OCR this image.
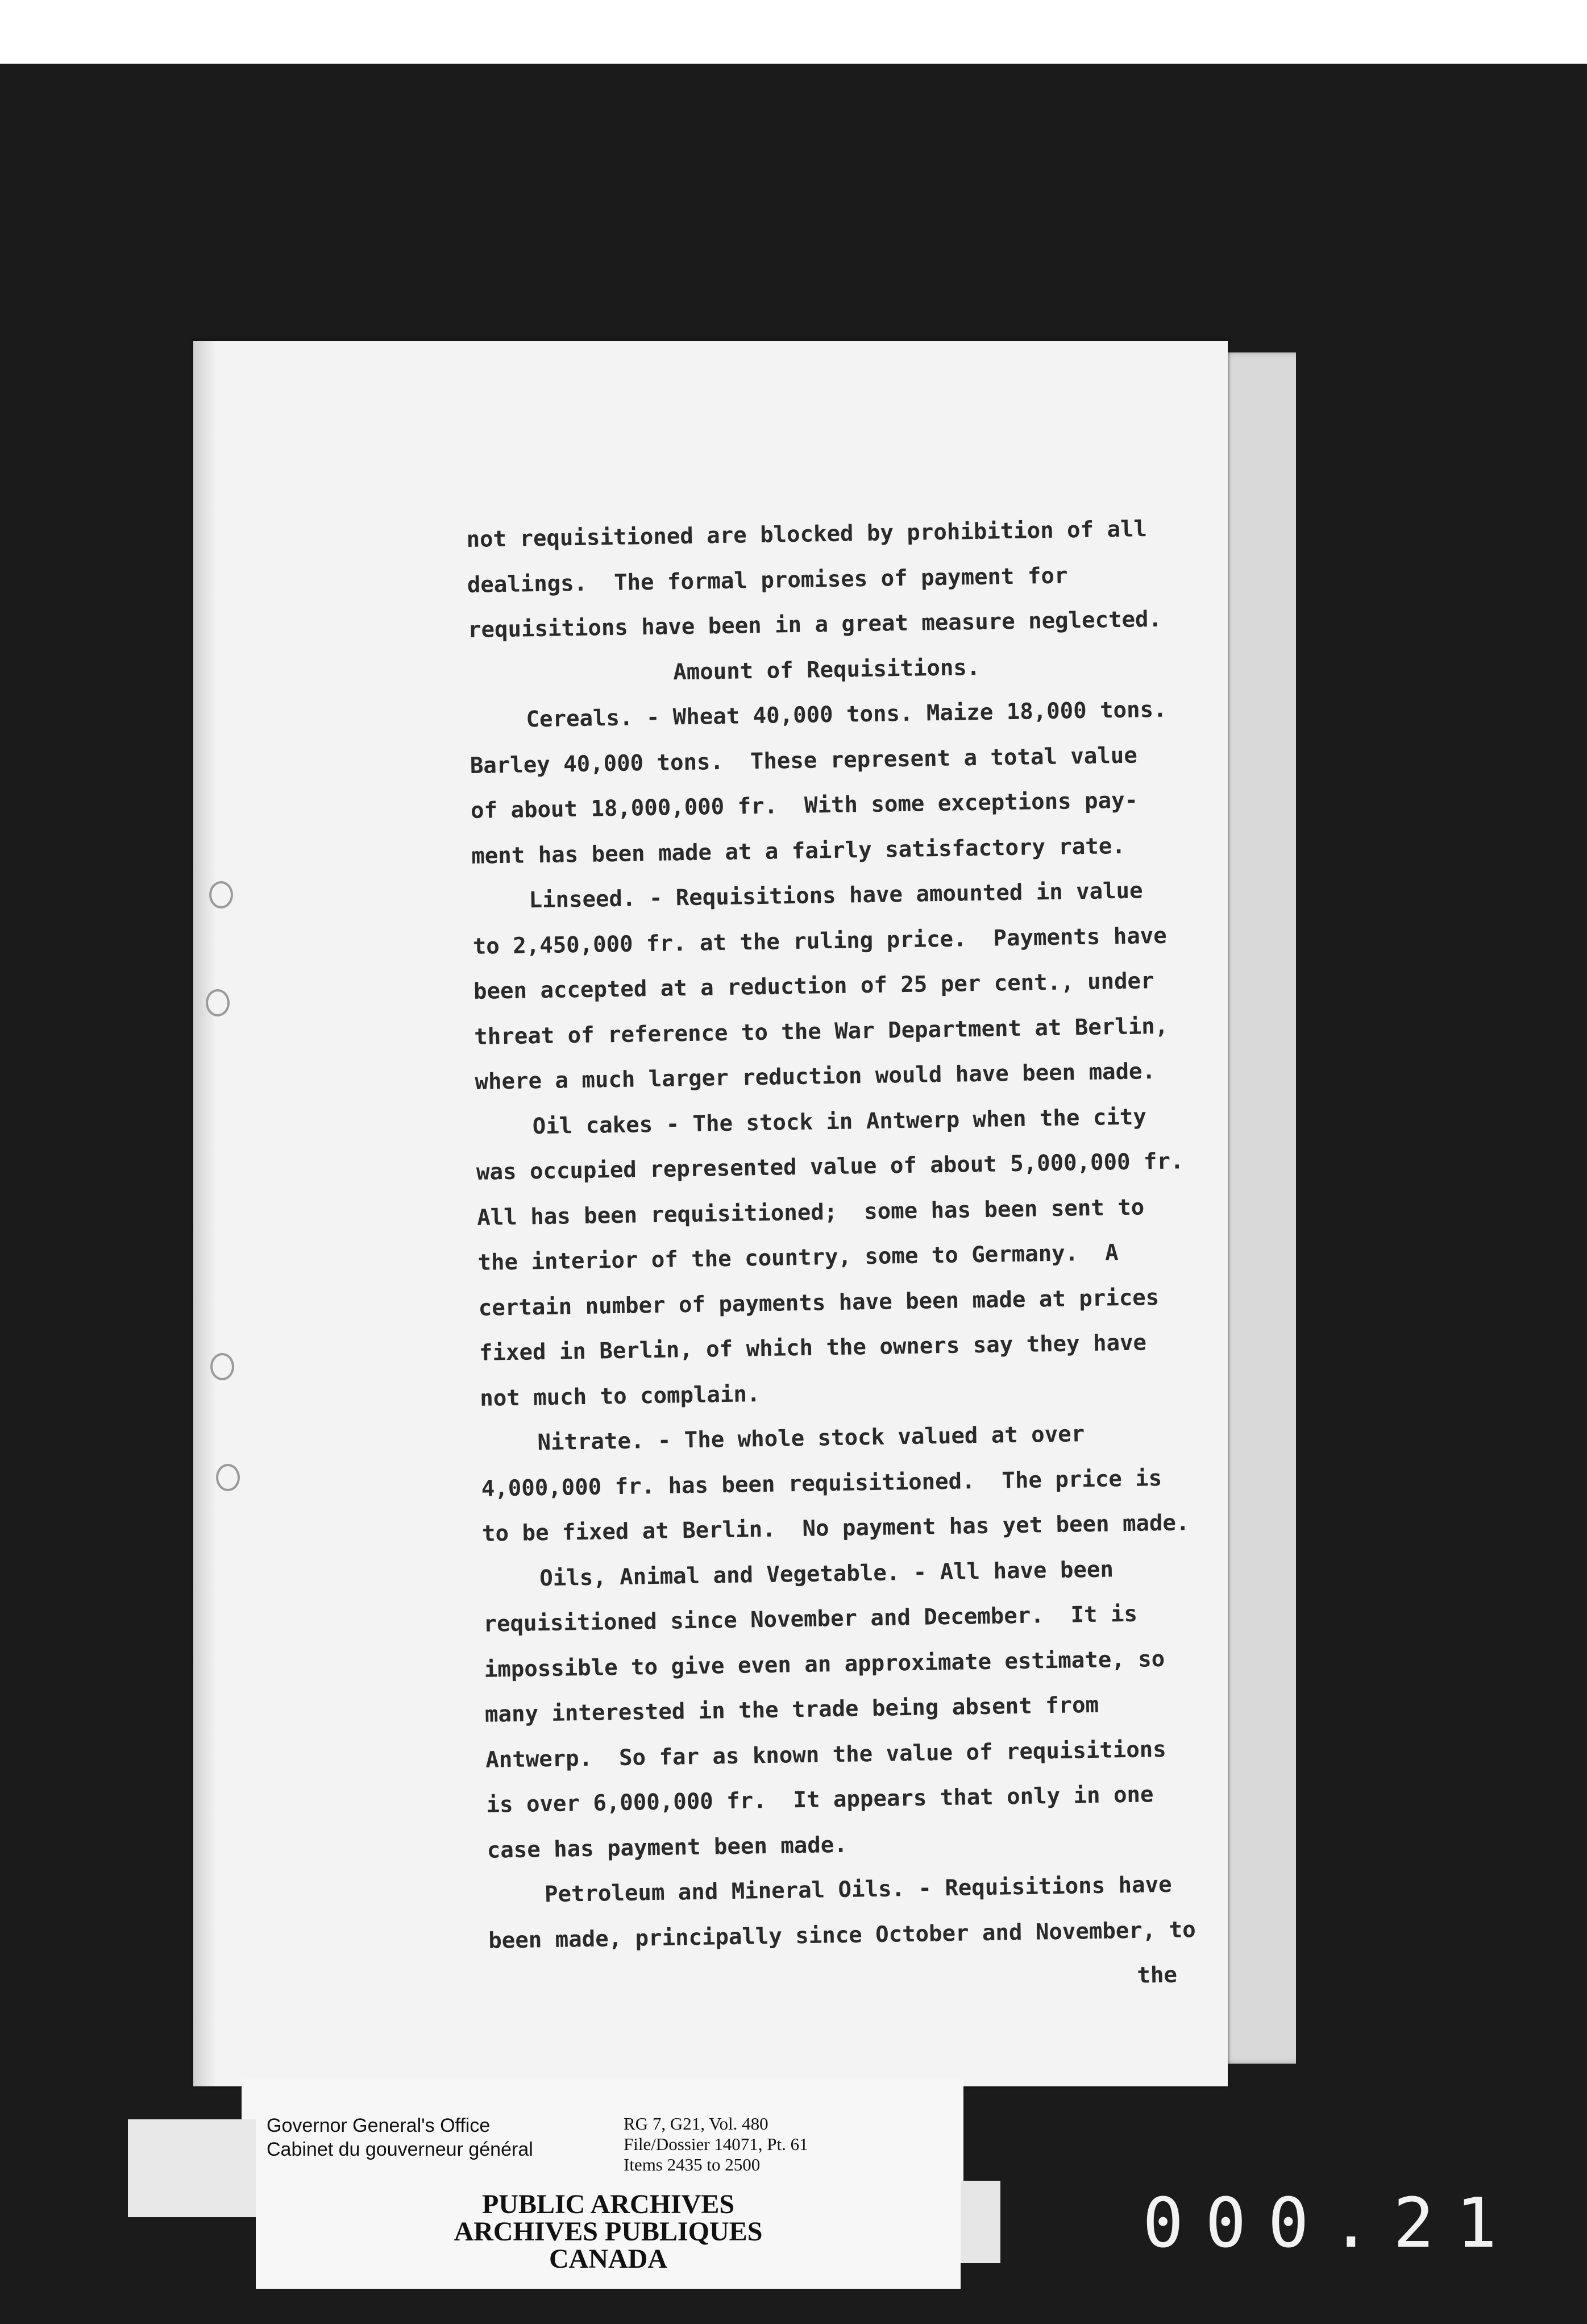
not requisitioned are blocked by prohibition of all
dealings.  The formal promises of payment for
requisitions have been in a great measure neglected.
Amount of Requisitions.
Cereals. - Wheat 40,000 tons. Maize 18,000 tons.
Barley 40,000 tons.  These represent a total value
of about 18,000,000 fr.  With some exceptions pay-
ment has been made at a fairly satisfactory rate.
Linseed. - Requisitions have amounted in value
to 2,450,000 fr. at the ruling price.  Payments have
been accepted at a reduction of 25 per cent., under
threat of reference to the War Department at Berlin,
where a much larger reduction would have been made.
Oil cakes - The stock in Antwerp when the city
was occupied represented value of about 5,000,000 fr.
All has been requisitioned;  some has been sent to
the interior of the country, some to Germany.  A
certain number of payments have been made at prices
fixed in Berlin, of which the owners say they have
not much to complain.
Nitrate. - The whole stock valued at over
4,000,000 fr. has been requisitioned.  The price is
to be fixed at Berlin.  No payment has yet been made.
Oils, Animal and Vegetable. - All have been
requisitioned since November and December.  It is
impossible to give even an approximate estimate, so
many interested in the trade being absent from
Antwerp.  So far as known the value of requisitions
is over 6,000,000 fr.  It appears that only in one
case has payment been made.
Petroleum and Mineral Oils. - Requisitions have
been made, principally since October and November, to
the
Governor General's Office
Cabinet du gouverneur général
RG 7, G21, Vol. 480
File/Dossier 14071, Pt. 61
Items 2435 to 2500
PUBLIC ARCHIVES
ARCHIVES PUBLIQUES
CANADA	000.21
